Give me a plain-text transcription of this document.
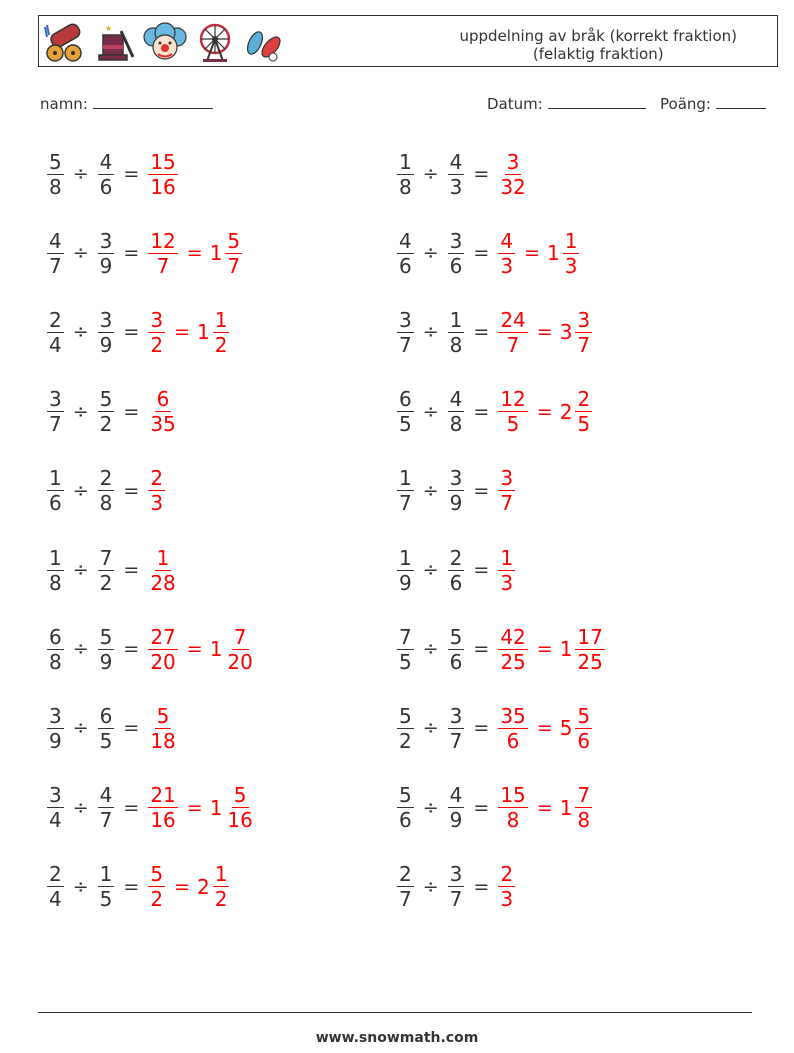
★	uppdelning av bråk (korrekt fraktion)
(felaktig fraktion)
namn:	Datum:	Poäng:
$\frac{5}{8} \div \frac{4}{6} = \frac{15}{16}$	$\frac{1}{8} \div \frac{4}{3} = \frac{3}{32}$
$\frac{4}{7} \div \frac{3}{9} = \frac{12}{7} = 1 \frac{5}{7}$	$\frac{4}{6} \div \frac{3}{6} = \frac{4}{3} = 1 \frac{1}{3}$
$\frac{2}{4} \div \frac{3}{9} = \frac{3}{2} = 1 \frac{1}{2}$	$\frac{3}{7} \div \frac{1}{8} = \frac{24}{7} = 3 \frac{3}{7}$
$\frac{3}{7} \div \frac{5}{2} = \frac{6}{35}$	$\frac{6}{5} \div \frac{4}{8} = \frac{12}{5} = 2 \frac{2}{5}$
$\frac{1}{6} \div \frac{2}{8} = \frac{2}{3}$	$\frac{1}{7} \div \frac{3}{9} = \frac{3}{7}$
$\frac{1}{8} \div \frac{7}{2} = \frac{1}{28}$	$\frac{1}{9} \div \frac{2}{6} = \frac{1}{3}$
$\frac{6}{8} \div \frac{5}{9} = \frac{27}{20} = 1 \frac{7}{20}$	$\frac{7}{5} \div \frac{5}{6} = \frac{42}{25} = 1 \frac{17}{25}$
$\frac{3}{9} \div \frac{6}{5} = \frac{5}{18}$	$\frac{5}{2} \div \frac{3}{7} = \frac{35}{6} = 5 \frac{5}{6}$
$\frac{3}{4} \div \frac{4}{7} = \frac{21}{16} = 1 \frac{5}{16}$	$\frac{5}{6} \div \frac{4}{9} = \frac{15}{8} = 1 \frac{7}{8}$
$\frac{2}{4} \div \frac{1}{5} = \frac{5}{2} = 2 \frac{1}{2}$	$\frac{2}{7} \div \frac{3}{7} = \frac{2}{3}$
www.snowmath.com
